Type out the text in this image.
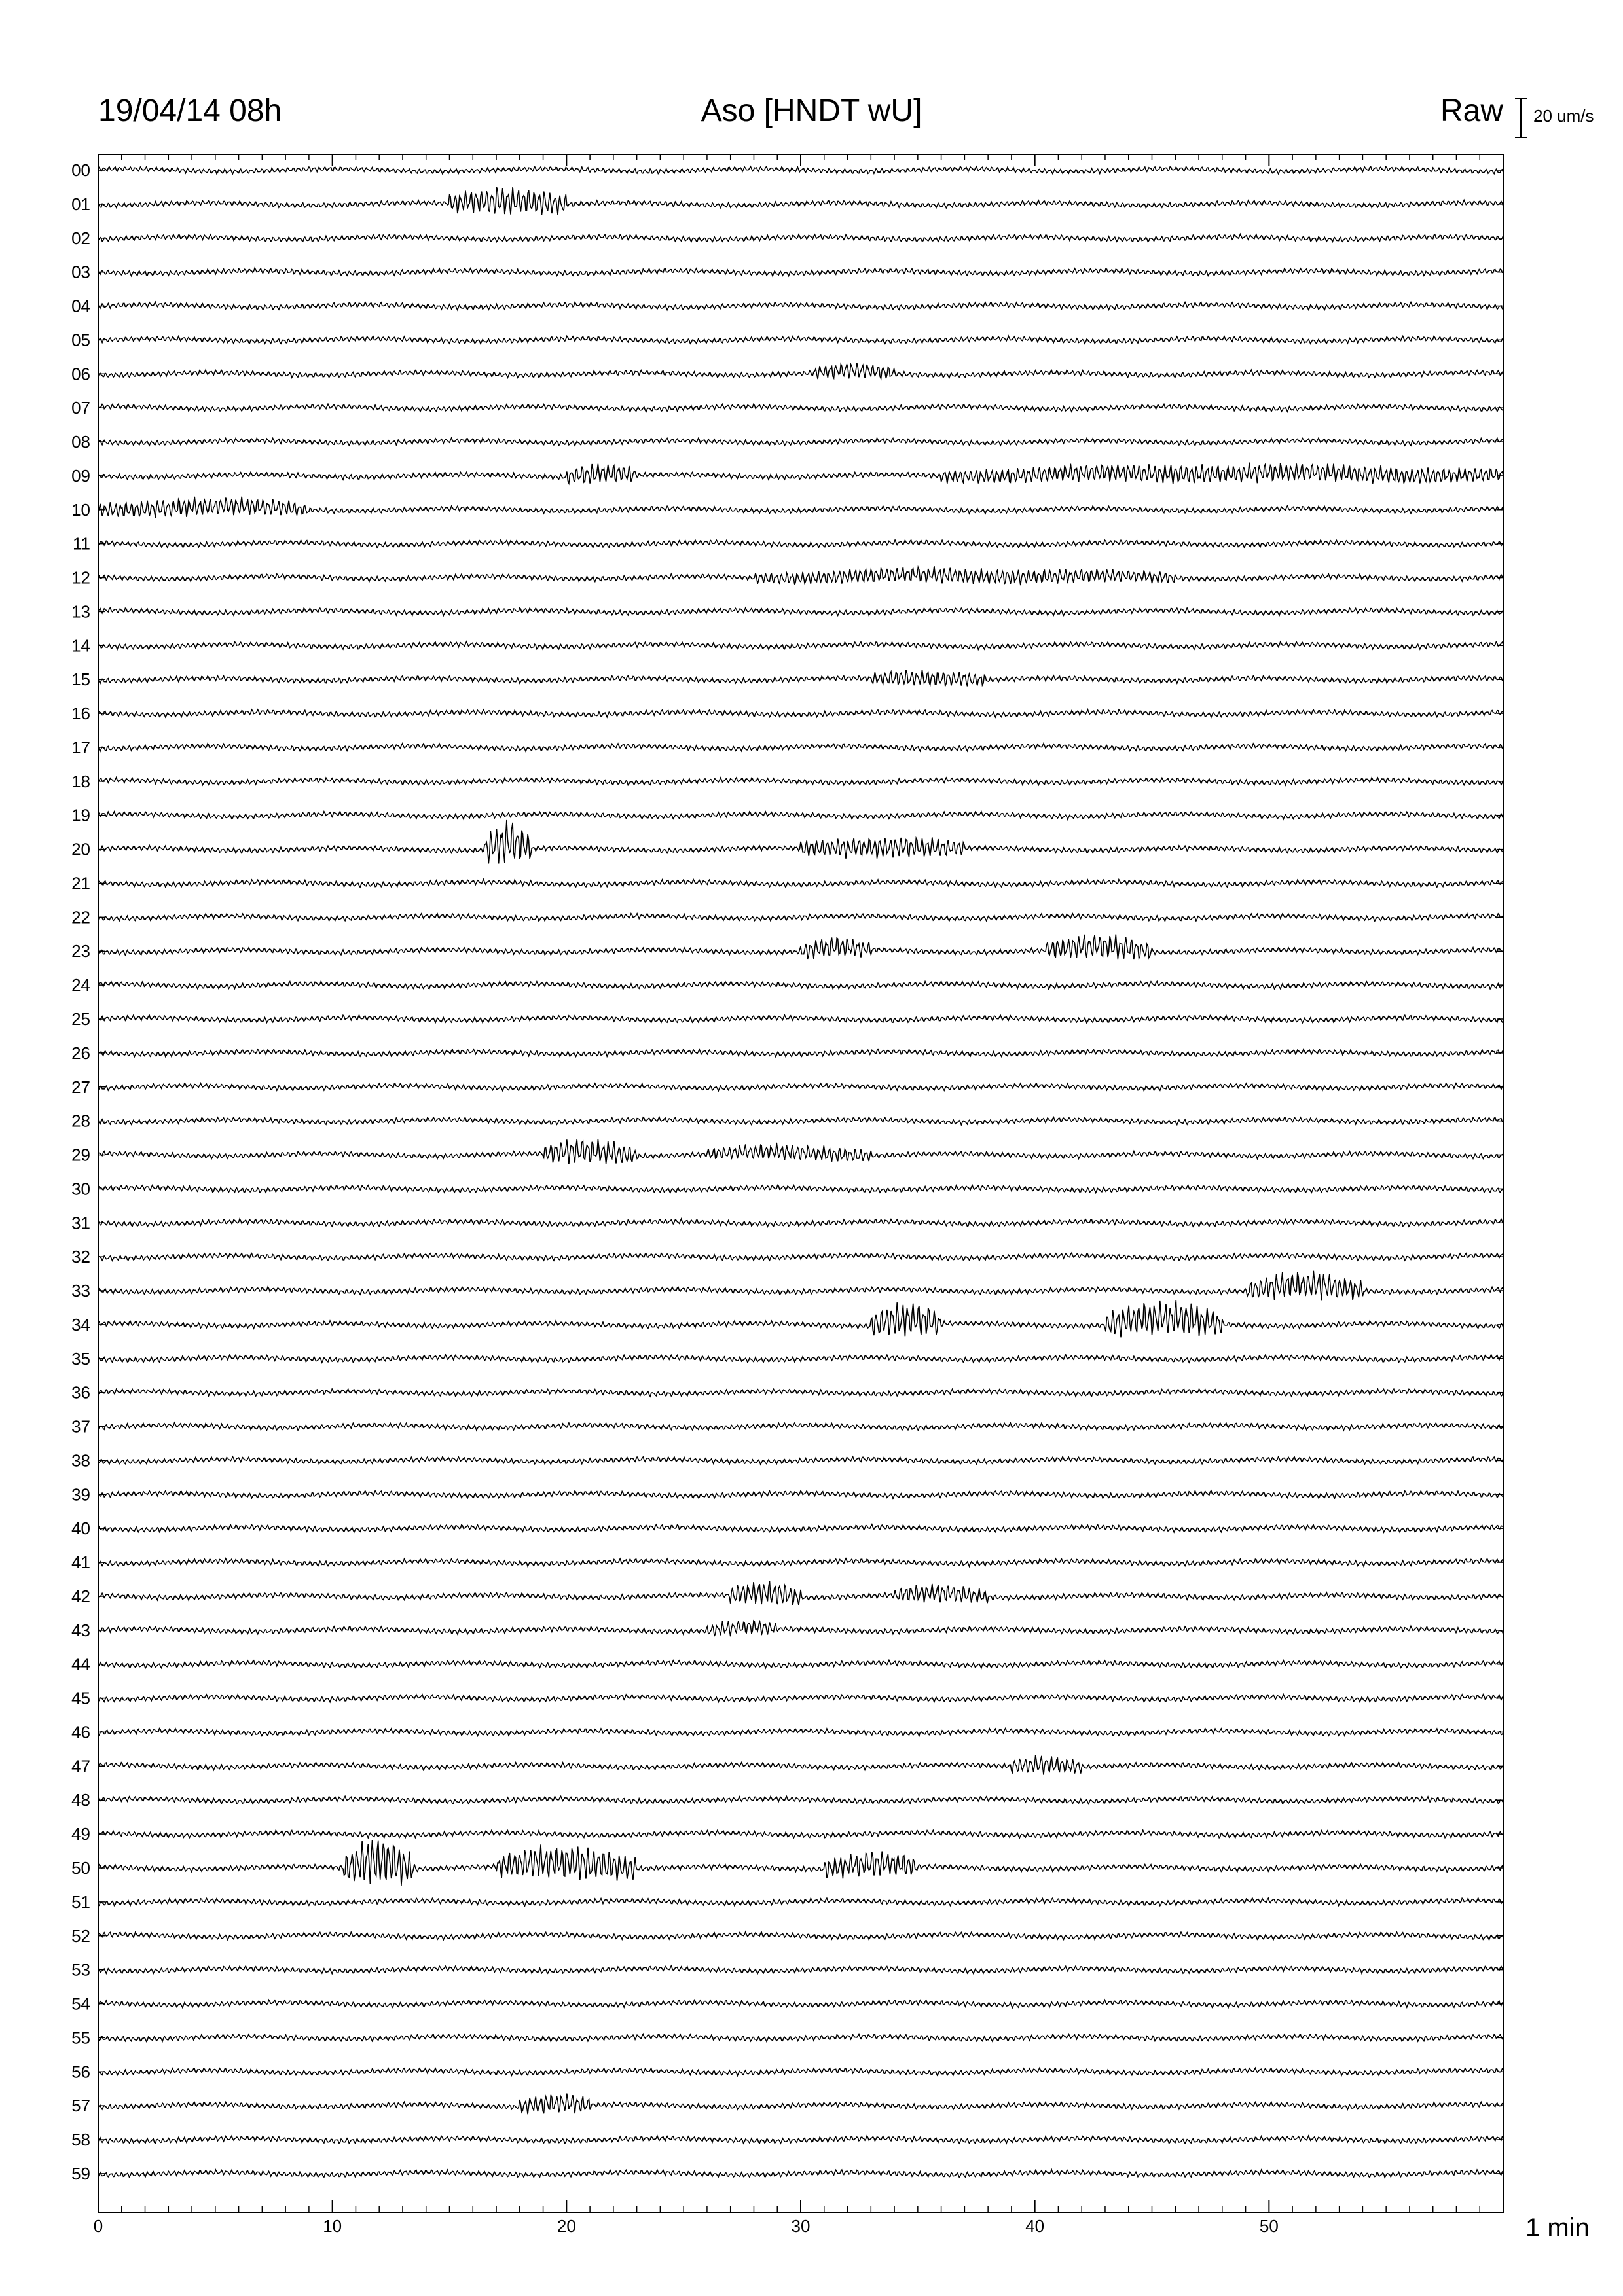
00
01
02
03
04
05
06
07
08
09
10
11
12
13
14
15
16
17
18
19
20
21
22
23
24
25
26
27
28
29
30
31
32
33
34
35
36
37
38
39
40
41
42
43
44
45
46
47
48
49
50
51
52
53
54
55
56
57
58
59
0	10	20	30	40	50
19/04/14 08h	Aso [HNDT wU]	Raw 20 um/s
1 min
